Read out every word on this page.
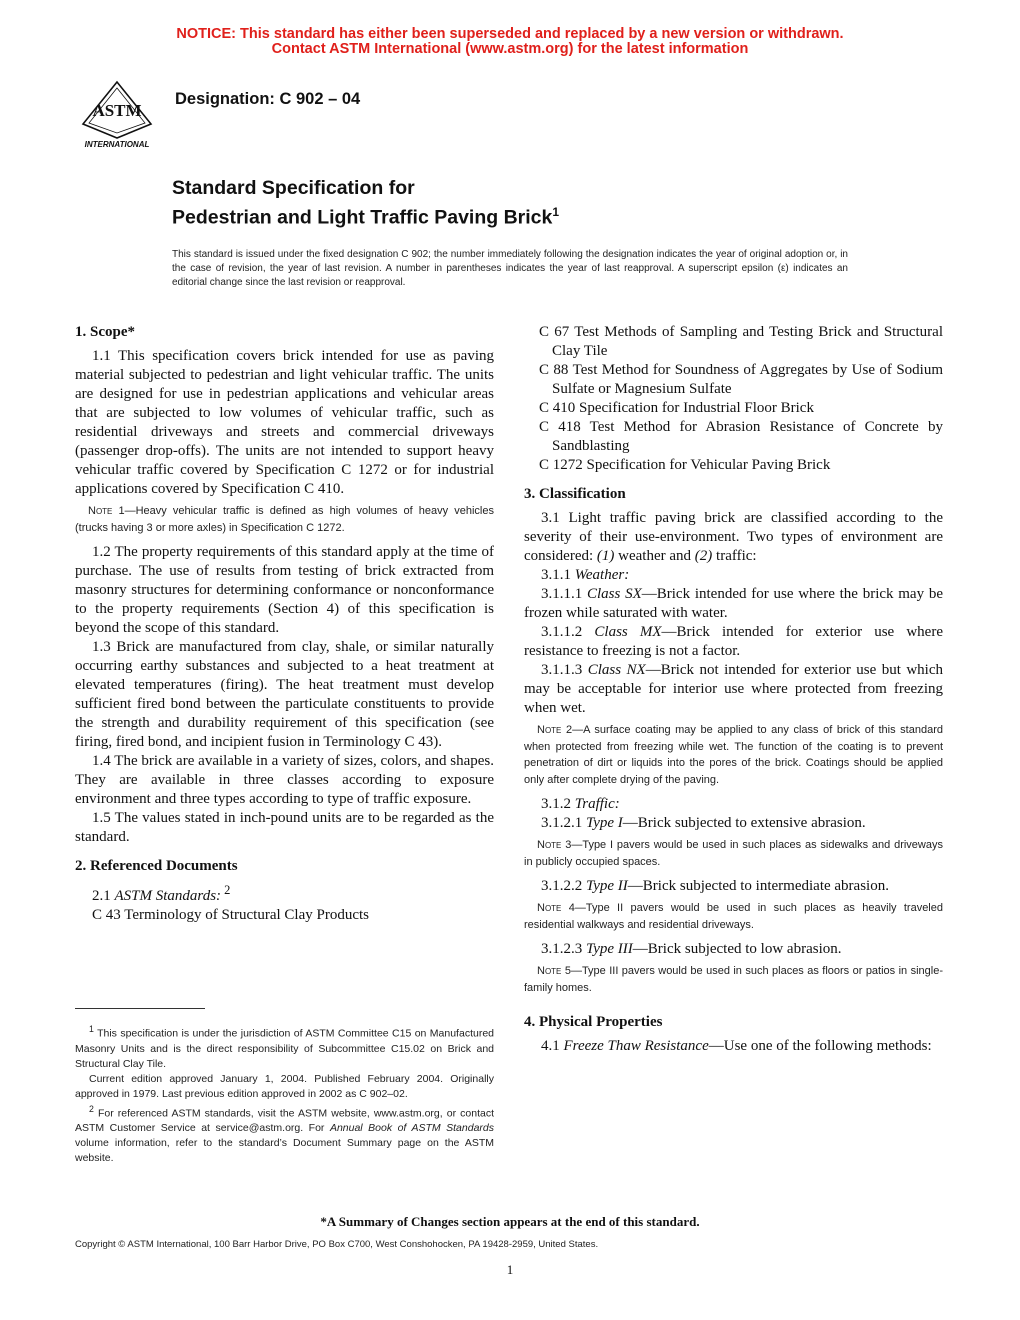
NOTICE: This standard has either been superseded and replaced by a new version or withdrawn.
Contact ASTM International (www.astm.org) for the latest information
ASTM
INTERNATIONAL
Designation: C 902 – 04
Standard Specification for
Pedestrian and Light Traffic Paving Brick$^1$
This standard is issued under the fixed designation C 902; the number immediately following the designation indicates the year of original adoption or, in the case of revision, the year of last revision. A number in parentheses indicates the year of last reapproval. A superscript epsilon (ε) indicates an editorial change since the last revision or reapproval.
1. Scope*

1.1 This specification covers brick intended for use as paving material subjected to pedestrian and light vehicular traffic. The units are designed for use in pedestrian applications and vehicular areas that are subjected to low volumes of vehicular traffic, such as residential driveways and streets and commercial driveways (passenger drop-offs). The units are not intended to support heavy vehicular traffic covered by Specification C 1272 or for industrial applications covered by Specification C 410.

Note 1—Heavy vehicular traffic is defined as high volumes of heavy vehicles (trucks having 3 or more axles) in Specification C 1272.

1.2 The property requirements of this standard apply at the time of purchase. The use of results from testing of brick extracted from masonry structures for determining conformance or nonconformance to the property requirements (Section 4) of this specification is beyond the scope of this standard.

1.3 Brick are manufactured from clay, shale, or similar naturally occurring earthy substances and subjected to a heat treatment at elevated temperatures (firing). The heat treatment must develop sufficient fired bond between the particulate constituents to provide the strength and durability requirement of this specification (see firing, fired bond, and incipient fusion in Terminology C 43).

1.4 The brick are available in a variety of sizes, colors, and shapes. They are available in three classes according to exposure environment and three types according to type of traffic exposure.

1.5 The values stated in inch-pound units are to be regarded as the standard.

2. Referenced Documents

2.1 ASTM Standards: $^2$

C 43 Terminology of Structural Clay Products

C 67 Test Methods of Sampling and Testing Brick and Structural Clay Tile

C 88 Test Method for Soundness of Aggregates by Use of Sodium Sulfate or Magnesium Sulfate

C 410 Specification for Industrial Floor Brick

C 418 Test Method for Abrasion Resistance of Concrete by Sandblasting

C 1272 Specification for Vehicular Paving Brick

3. Classification

3.1 Light traffic paving brick are classified according to the severity of their use-environment. Two types of environment are considered: (1) weather and (2) traffic:

3.1.1 Weather:

3.1.1.1 Class SX—Brick intended for use where the brick may be frozen while saturated with water.

3.1.1.2 Class MX—Brick intended for exterior use where resistance to freezing is not a factor.

3.1.1.3 Class NX—Brick not intended for exterior use but which may be acceptable for interior use where protected from freezing when wet.

Note 2—A surface coating may be applied to any class of brick of this standard when protected from freezing while wet. The function of the coating is to prevent penetration of dirt or liquids into the pores of the brick. Coatings should be applied only after complete drying of the paving.

3.1.2 Traffic:

3.1.2.1 Type I—Brick subjected to extensive abrasion.

Note 3—Type I pavers would be used in such places as sidewalks and driveways in publicly occupied spaces.

3.1.2.2 Type II—Brick subjected to intermediate abrasion.

Note 4—Type II pavers would be used in such places as heavily traveled residential walkways and residential driveways.

3.1.2.3 Type III—Brick subjected to low abrasion.

Note 5—Type III pavers would be used in such places as floors or patios in single-family homes.

4. Physical Properties

4.1 Freeze Thaw Resistance—Use one of the following methods:

$^1$ This specification is under the jurisdiction of ASTM Committee C15 on Manufactured Masonry Units and is the direct responsibility of Subcommittee C15.02 on Brick and Structural Clay Tile.

Current edition approved January 1, 2004. Published February 2004. Originally approved in 1979. Last previous edition approved in 2002 as C 902–02.

$^2$ For referenced ASTM standards, visit the ASTM website, www.astm.org, or contact ASTM Customer Service at service@astm.org. For Annual Book of ASTM Standards volume information, refer to the standard’s Document Summary page on the ASTM website.

*A Summary of Changes section appears at the end of this standard.
Copyright © ASTM International, 100 Barr Harbor Drive, PO Box C700, West Conshohocken, PA 19428-2959, United States.
1
